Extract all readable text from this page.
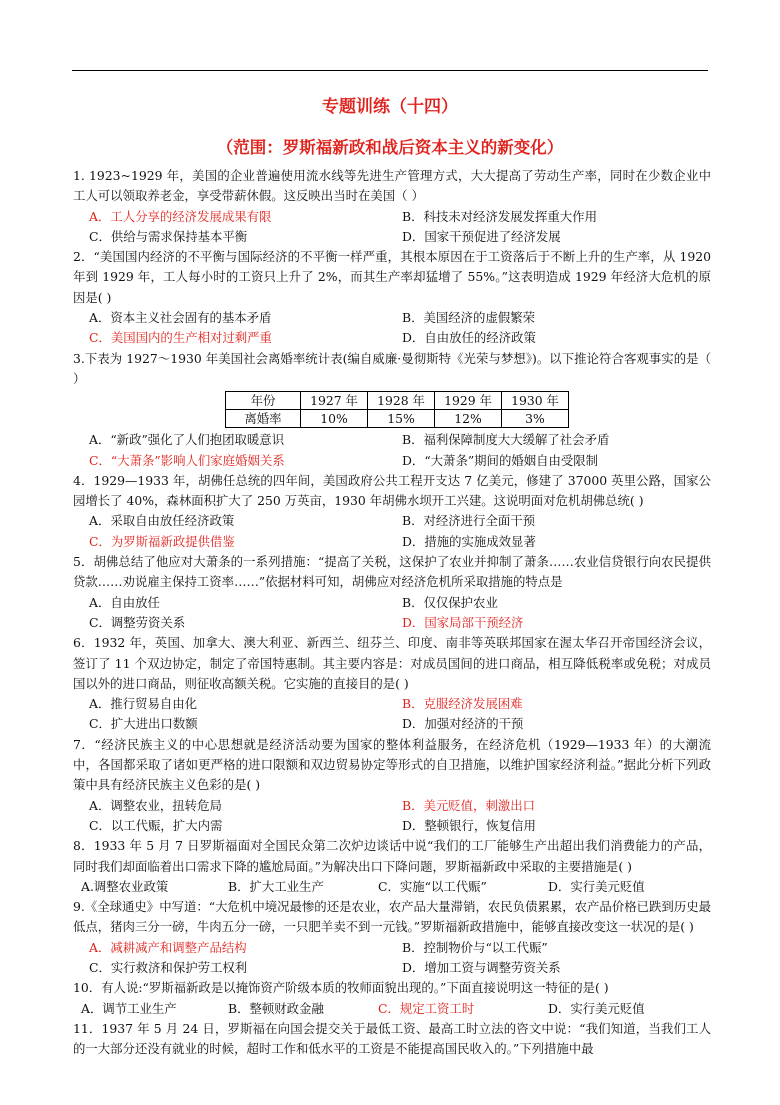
专题训练（十四）
（范围：罗斯福新政和战后资本主义的新变化）
1. 1923~1929 年，美国的企业普遍使用流水线等先进生产管理方式，大大提高了劳动生产率，同时在少数企业中工人可以领取养老金，享受带薪休假。这反映出当时在美国（ ）
A．工人分享的经济发展成果有限	B．科技未对经济发展发挥重大作用
C．供给与需求保持基本平衡	D．国家干预促进了经济发展
2．“美国国内经济的不平衡与国际经济的不平衡一样严重，其根本原因在于工资落后于不断上升的生产率，从 1920 年到 1929 年，工人每小时的工资只上升了 2%，而其生产率却猛增了 55%。”这表明造成 1929 年经济大危机的原因是( )
A．资本主义社会固有的基本矛盾	B．美国经济的虚假繁荣
C．美国国内的生产相对过剩严重	D．自由放任的经济政策
3.下表为 1927～1930 年美国社会离婚率统计表(编自威廉·曼彻斯特《光荣与梦想》)。以下推论符合客观事实的是（ ）
年份	1927 年	1928 年	1929 年	1930 年
离婚率	10%	15%	12%	3%
A．“新政”强化了人们抱团取暖意识	B．福利保障制度大大缓解了社会矛盾
C．“大萧条”影响人们家庭婚姻关系	D．“大萧条”期间的婚姻自由受限制
4．1929—1933 年，胡佛任总统的四年间，美国政府公共工程开支达 7 亿美元，修建了 37000 英里公路，国家公园增长了 40%，森林面积扩大了 250 万英亩，1930 年胡佛水坝开工兴建。这说明面对危机胡佛总统( )
A．采取自由放任经济政策	B．对经济进行全面干预
C．为罗斯福新政提供借鉴	D．措施的实施成效显著
5．胡佛总结了他应对大萧条的一系列措施：“提高了关税，这保护了农业并抑制了萧条……农业信贷银行向农民提供贷款……劝说雇主保持工资率……”依据材料可知，胡佛应对经济危机所采取措施的特点是
A．自由放任	B．仅仅保护农业
C．调整劳资关系	D．国家局部干预经济
6．1932 年，英国、加拿大、澳大利亚、新西兰、纽芬兰、印度、南非等英联邦国家在渥太华召开帝国经济会议，签订了 11 个双边协定，制定了帝国特惠制。其主要内容是：对成员国间的进口商品，相互降低税率或免税；对成员国以外的进口商品，则征收高额关税。它实施的直接目的是( )
A．推行贸易自由化	B．克服经济发展困难
C．扩大进出口数额	D．加强对经济的干预
7．“经济民族主义的中心思想就是经济活动要为国家的整体利益服务，在经济危机（1929—1933 年）的大潮流中，各国都采取了诸如更严格的进口限额和双边贸易协定等形式的自卫措施，以维护国家经济利益。”据此分析下列政策中具有经济民族主义色彩的是( )
A．调整农业，扭转危局	B．美元贬值，刺激出口
C．以工代赈，扩大内需	D．整顿银行，恢复信用
8．1933 年 5 月 7 日罗斯福面对全国民众第二次炉边谈话中说“我们的工厂能够生产出超出我们消费能力的产品，同时我们却面临着出口需求下降的尴尬局面。”为解决出口下降问题，罗斯福新政中采取的主要措施是( )
A.调整农业政策	B．扩大工业生产	C．实施“以工代赈”	D．实行美元贬值
9.《全球通史》中写道：“大危机中境况最惨的还是农业，农产品大量滞销，农民负债累累，农产品价格已跌到历史最低点，猪肉三分一磅，牛肉五分一磅，一只肥羊卖不到一元钱。”罗斯福新政措施中，能够直接改变这一状况的是( )
A．减耕减产和调整产品结构	B．控制物价与“以工代赈”
C．实行救济和保护劳工权利	D．增加工资与调整劳资关系
10．有人说:“罗斯福新政是以掩饰资产阶级本质的牧师面貌出现的。”下面直接说明这一特征的是( )
A．调节工业生产	B．整顿财政金融	C．规定工资工时	D．实行美元贬值
11．1937 年 5 月 24 日，罗斯福在向国会提交关于最低工资、最高工时立法的咨文中说：“我们知道，当我们工人的一大部分还没有就业的时候，超时工作和低水平的工资是不能提高国民收入的。”下列措施中最
